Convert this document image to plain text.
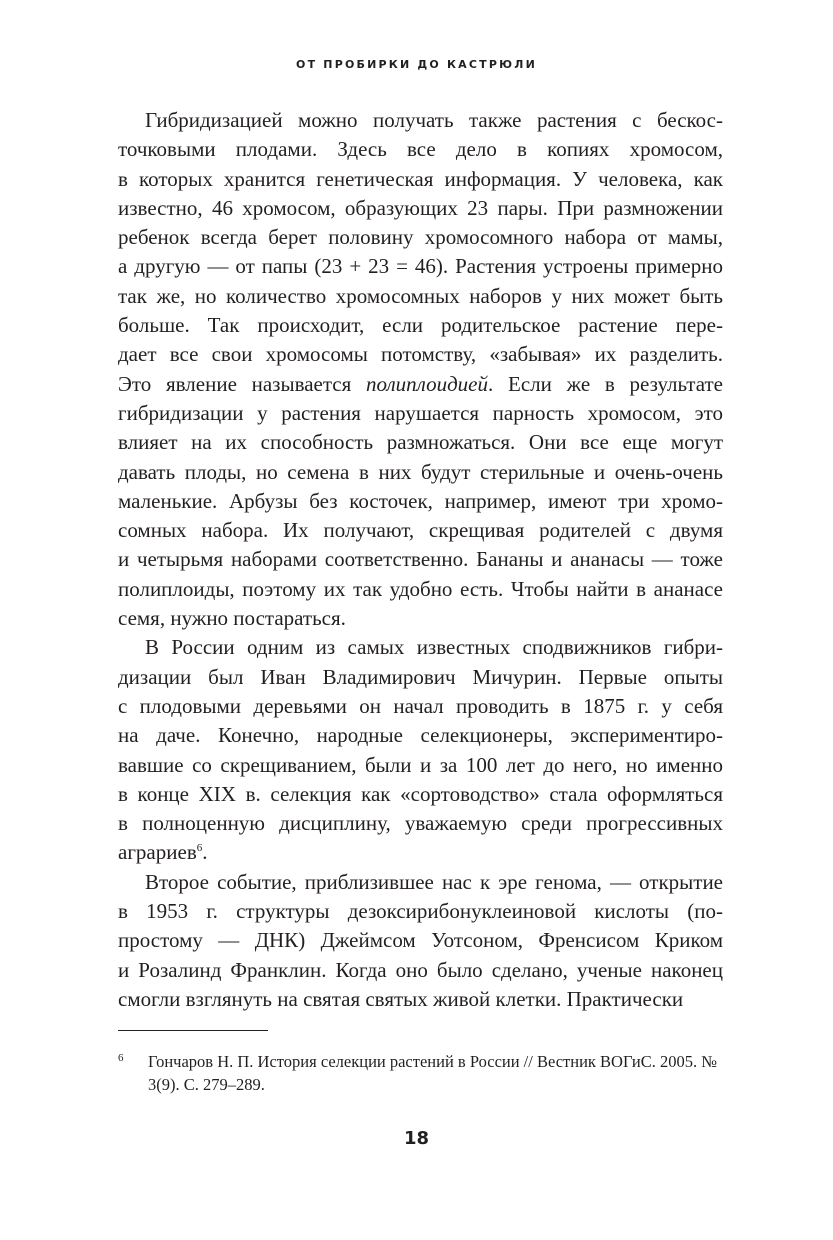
ОТ ПРОБИРКИ ДО КАСТРЮЛИ
Гибридизацией можно получать также растения с бескос-
точковыми плодами. Здесь все дело в копиях хромосом,
в которых хранится генетическая информация. У человека, как
известно, 46 хромосом, образующих 23 пары. При размножении
ребенок всегда берет половину хромосомного набора от мамы,
а другую — от папы (23 + 23 = 46). Растения устроены примерно
так же, но количество хромосомных наборов у них может быть
больше. Так происходит, если родительское растение пере-
дает все свои хромосомы потомству, «забывая» их разделить.
Это явление называется полиплоидией. Если же в результате
гибридизации у растения нарушается парность хромосом, это
влияет на их способность размножаться. Они все еще могут
давать плоды, но семена в них будут стерильные и очень-очень
маленькие. Арбузы без косточек, например, имеют три хромо-
сомных набора. Их получают, скрещивая родителей с двумя
и четырьмя наборами соответственно. Бананы и ананасы — тоже
полиплоиды, поэтому их так удобно есть. Чтобы найти в ананасе
семя, нужно постараться.
В России одним из самых известных сподвижников гибри-
дизации был Иван Владимирович Мичурин. Первые опыты
с плодовыми деревьями он начал проводить в 1875 г. у себя
на даче. Конечно, народные селекционеры, экспериментиро-
вавшие со скрещиванием, были и за 100 лет до него, но именно
в конце XIX в. селекция как «сортоводство» стала оформляться
в полноценную дисциплину, уважаемую среди прогрессивных
аграриев$^6$.
Второе событие, приблизившее нас к эре генома, — открытие
в 1953 г. структуры дезоксирибонуклеиновой кислоты (по-
простому — ДНК) Джеймсом Уотсоном, Френсисом Криком
и Розалинд Франклин. Когда оно было сделано, ученые наконец
смогли взглянуть на святая святых живой клетки. Практически
6 Гончаров Н. П. История селекции растений в России // Вестник ВОГиС. 2005. № 3(9). С. 279–289.
18
